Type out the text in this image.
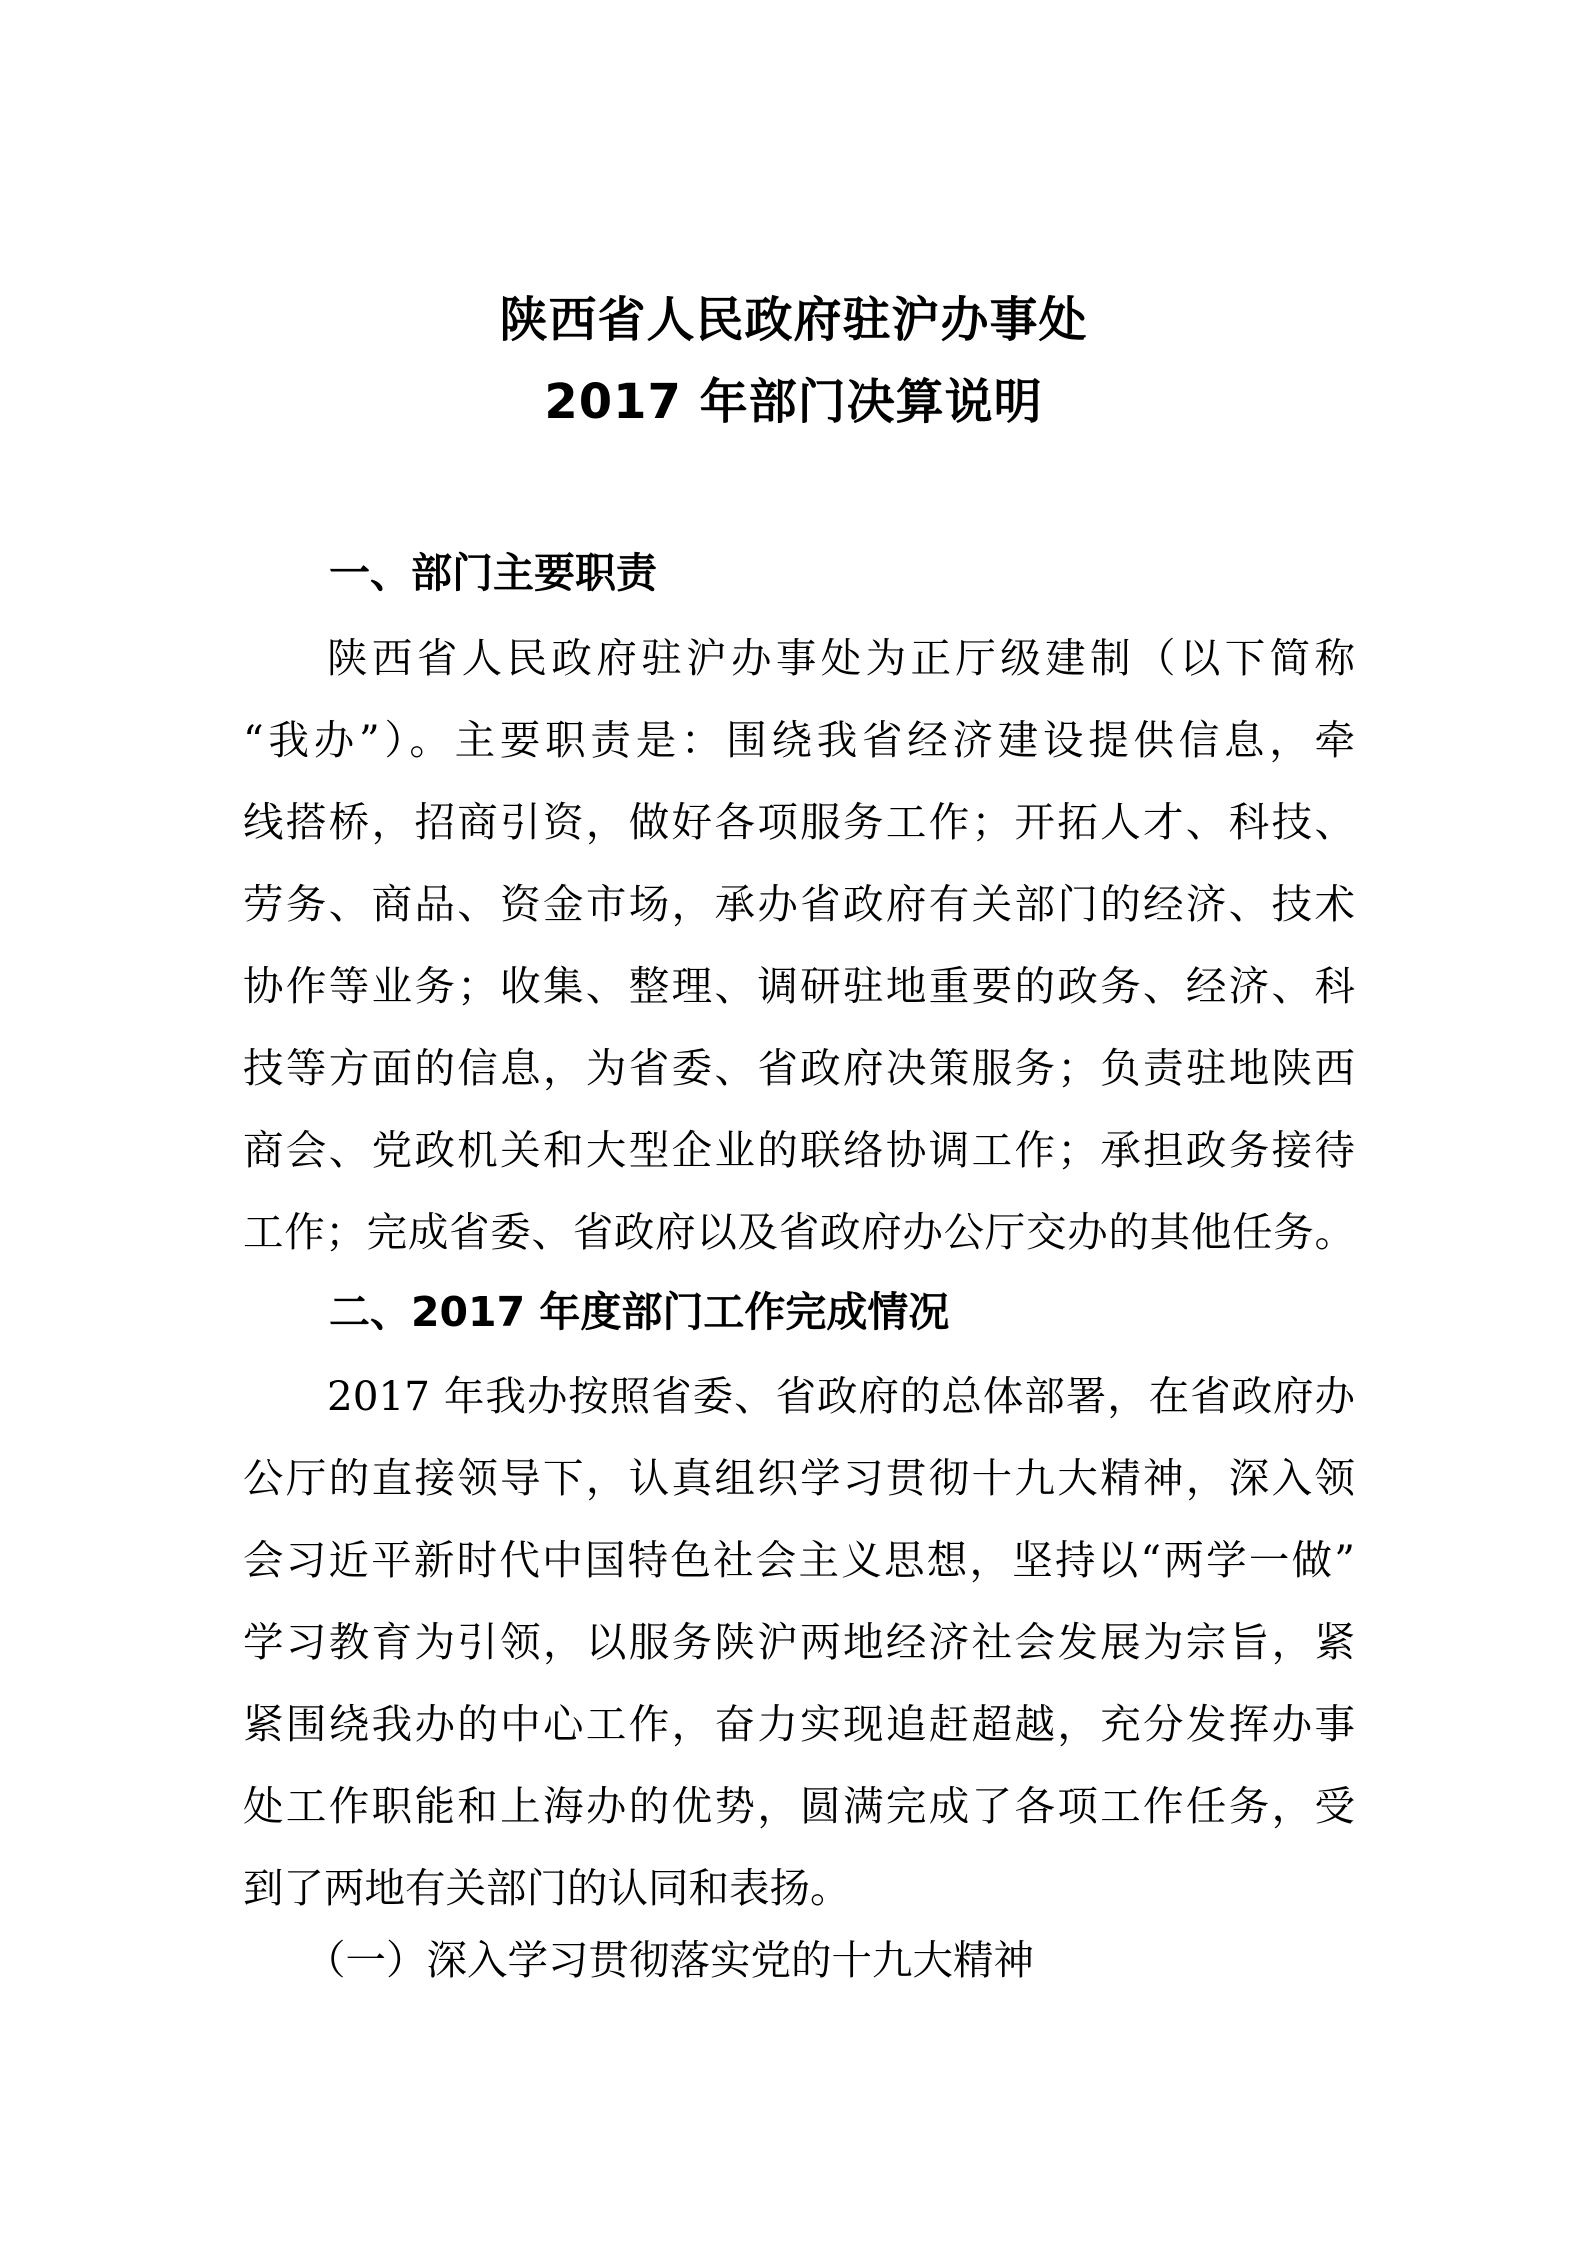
陕西省人民政府驻沪办事处
2017 年部门决算说明
一、部门主要职责
陕西省人民政府驻沪办事处为正厅级建制（以下简称
“我办”）。主要职责是：围绕我省经济建设提供信息，牵
线搭桥，招商引资，做好各项服务工作；开拓人才、科技、
劳务、商品、资金市场，承办省政府有关部门的经济、技术
协作等业务；收集、整理、调研驻地重要的政务、经济、科
技等方面的信息，为省委、省政府决策服务；负责驻地陕西
商会、党政机关和大型企业的联络协调工作；承担政务接待
工作；完成省委、省政府以及省政府办公厅交办的其他任务。
二、2017 年度部门工作完成情况
2017 年我办按照省委、省政府的总体部署，在省政府办
公厅的直接领导下，认真组织学习贯彻十九大精神，深入领
会习近平新时代中国特色社会主义思想，坚持以“两学一做”
学习教育为引领，以服务陕沪两地经济社会发展为宗旨，紧
紧围绕我办的中心工作，奋力实现追赶超越，充分发挥办事
处工作职能和上海办的优势，圆满完成了各项工作任务，受
到了两地有关部门的认同和表扬。
（一）深入学习贯彻落实党的十九大精神
